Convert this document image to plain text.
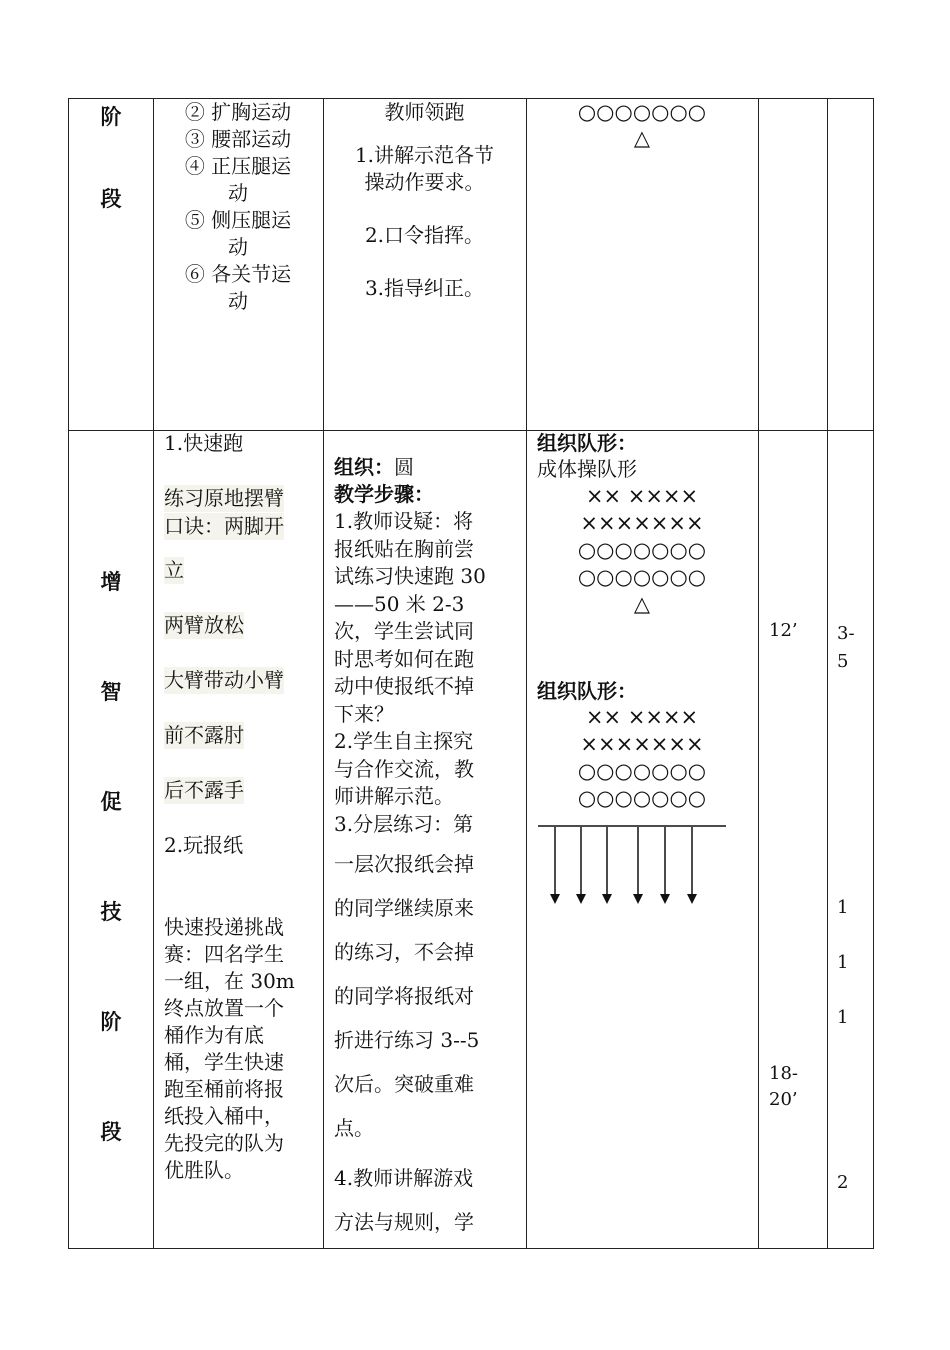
阶
段
② 扩胸运动
③ 腰部运动
④ 正压腿运
动
⑤ 侧压腿运
动
⑥ 各关节运
动
教师领跑
1.讲解示范各节
操动作要求。
2.口令指挥。
3.指导纠正。
○○○○○○○
△
增
智
促
技
阶
段
1.快速跑
练习原地摆臂
口诀：两脚开
立
两臂放松
大臂带动小臂
前不露肘
后不露手
2.玩报纸
快速投递挑战
赛：四名学生
一组，在 30m
终点放置一个
桶作为有底
桶，学生快速
跑至桶前将报
纸投入桶中，
先投完的队为
优胜队。
组织：圆
教学步骤：
1.教师设疑：将
报纸贴在胸前尝
试练习快速跑 30
——50 米 2-3
次，学生尝试同
时思考如何在跑
动中使报纸不掉
下来？
2.学生自主探究
与合作交流，教
师讲解示范。
3.分层练习：第
一层次报纸会掉
的同学继续原来
的练习，不会掉
的同学将报纸对
折进行练习 3--5
次后。突破重难
点。
4.教师讲解游戏
方法与规则，学
组织队形：
成体操队形
×× ××××
×××××××
○○○○○○○
○○○○○○○
△
组织队形：
×× ××××
×××××××
○○○○○○○
○○○○○○○
12’
18-
20’
3-
5
1
1
1
2
